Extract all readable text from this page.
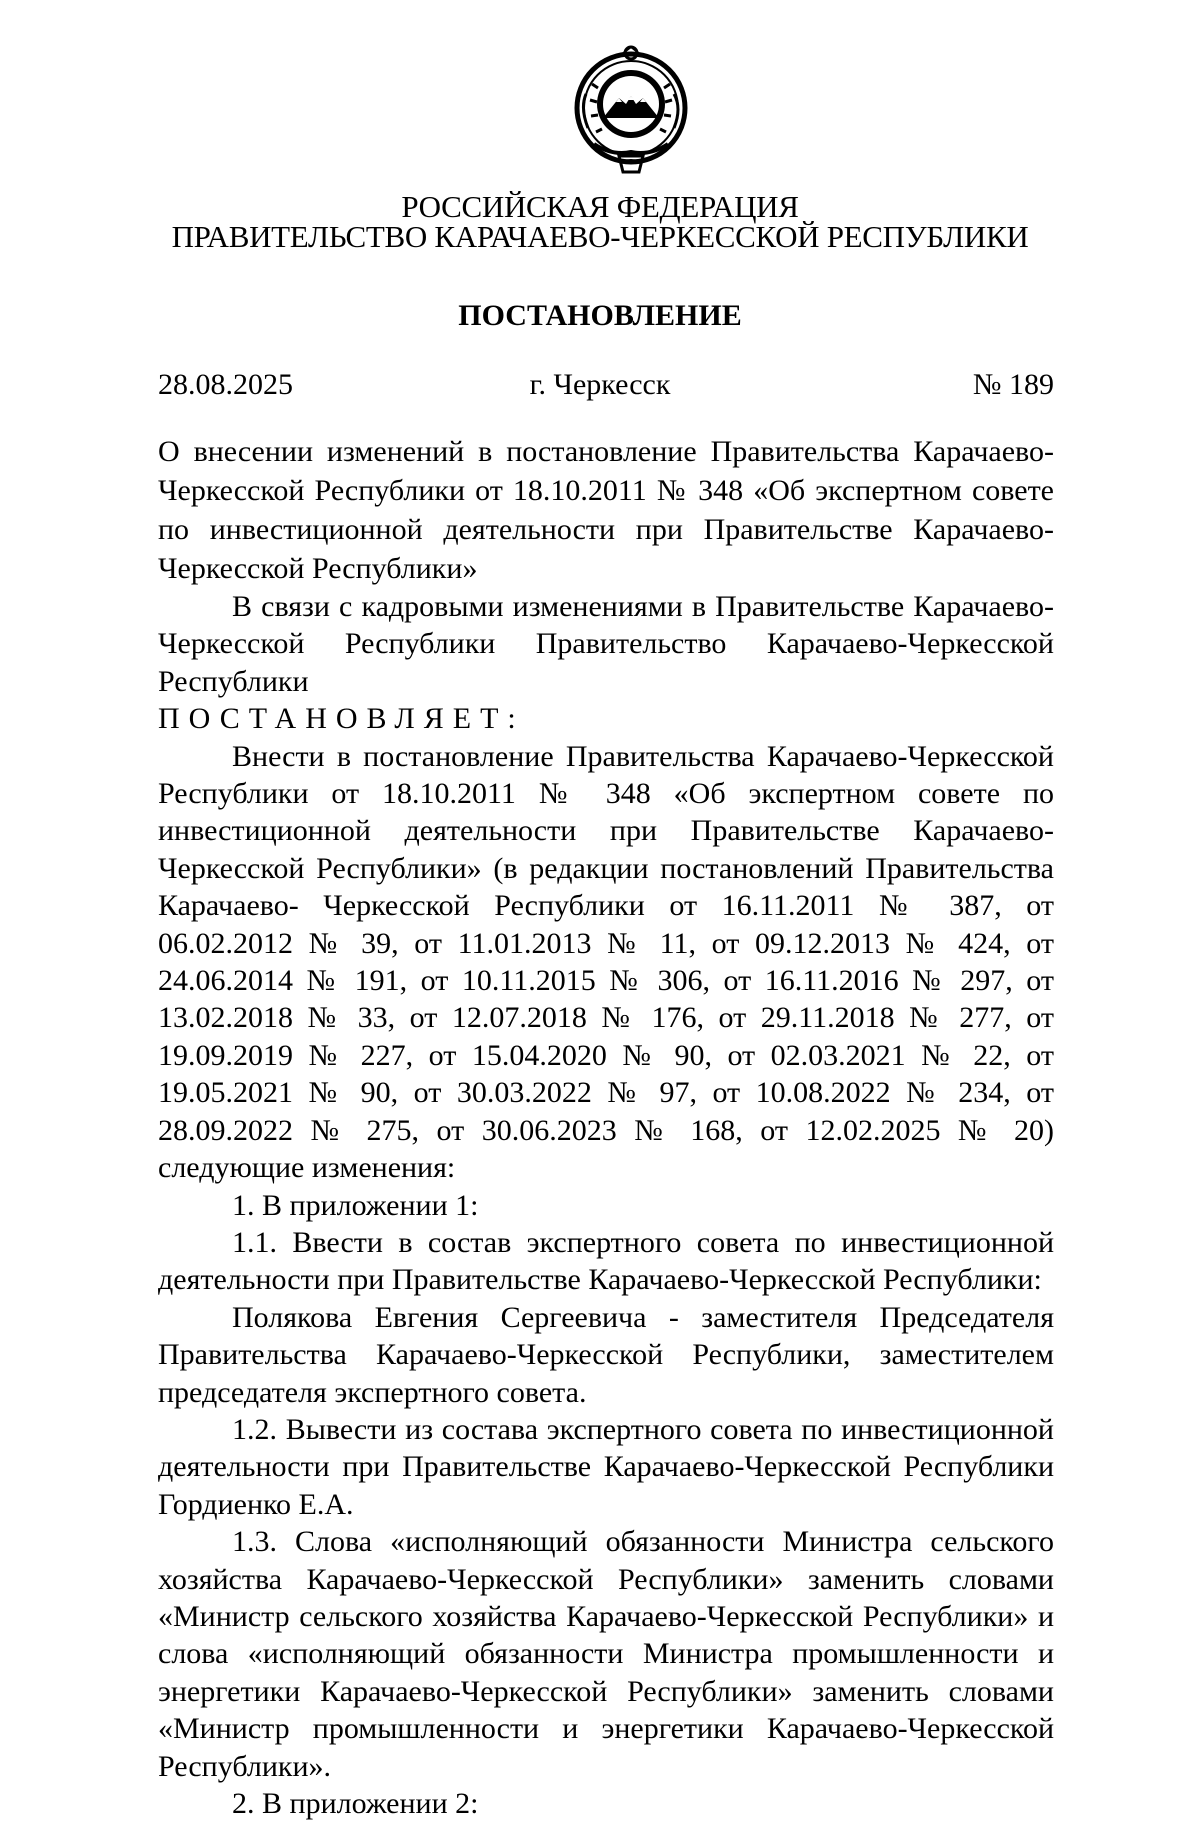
РОССИЙСКАЯ ФЕДЕРАЦИЯ
ПРАВИТЕЛЬСТВО КАРАЧАЕВО-ЧЕРКЕССКОЙ РЕСПУБЛИКИ
ПОСТАНОВЛЕНИЕ
28.08.2025	г. Черкесск	№ 189
О внесении изменений в постановление Правительства Карачаево-Черкесской Республики от 18.10.2011 № 348 «Об экспертном совете по инвестиционной деятельности при Правительстве Карачаево-Черкесской Республики»

В связи с кадровыми изменениями в Правительстве Карачаево-Черкесской Республики Правительство Карачаево-Черкесской Республики

ПОСТАНОВЛЯЕТ:

Внести в постановление Правительства Карачаево-Черкесской Республики от 18.10.2011 № 348 «Об экспертном совете по инвестиционной деятельности при Правительстве Карачаево-Черкесской Республики» (в редакции постановлений Правительства Карачаево- Черкесской Республики от 16.11.2011 № 387, от 06.02.2012 № 39, от 11.01.2013 № 11, от 09.12.2013 № 424, от 24.06.2014 № 191, от 10.11.2015 № 306, от 16.11.2016 № 297, от 13.02.2018 № 33, от 12.07.2018 № 176, от 29.11.2018 № 277, от 19.09.2019 № 227, от 15.04.2020 № 90, от 02.03.2021 № 22, от 19.05.2021 № 90, от 30.03.2022 № 97, от 10.08.2022 № 234, от 28.09.2022 № 275, от 30.06.2023 № 168, от 12.02.2025 № 20) следующие изменения:

1. В приложении 1:

1.1. Ввести в состав экспертного совета по инвестиционной деятельности при Правительстве Карачаево-Черкесской Республики:

Полякова Евгения Сергеевича - заместителя Председателя Правительства Карачаево-Черкесской Республики, заместителем председателя экспертного совета.

1.2. Вывести из состава экспертного совета по инвестиционной деятельности при Правительстве Карачаево-Черкесской Республики Гордиенко Е.А.

1.3. Слова «исполняющий обязанности Министра сельского хозяйства Карачаево-Черкесской Республики» заменить словами «Министр сельского хозяйства Карачаево-Черкесской Республики» и слова «исполняющий обязанности Министра промышленности и энергетики Карачаево-Черкесской Республики» заменить словами «Министр промышленности и энергетики Карачаево-Черкесской Республики».

2. В приложении 2:
